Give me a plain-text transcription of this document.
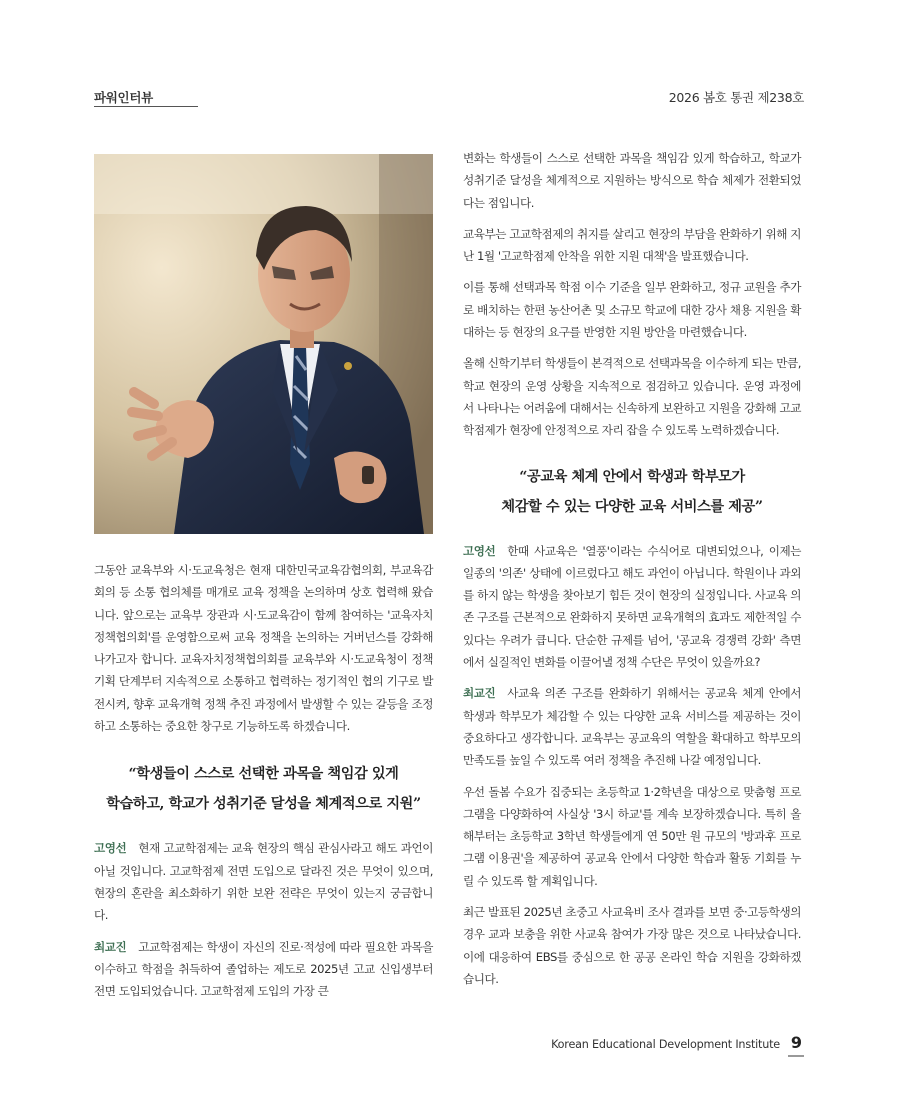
파워인터뷰	2026 봄호 통권 제238호

그동안 교육부와 시·도교육청은 현재 대한민국교육감협의회, 부교육감회의 등 소통 협의체를 매개로 교육 정책을 논의하며 상호 협력해 왔습니다. 앞으로는 교육부 장관과 시·도교육감이 함께 참여하는 '교육자치정책협의회'를 운영함으로써 교육 정책을 논의하는 거버넌스를 강화해 나가고자 합니다. 교육자치정책협의회를 교육부와 시·도교육청이 정책 기획 단계부터 지속적으로 소통하고 협력하는 정기적인 협의 기구로 발전시켜, 향후 교육개혁 정책 추진 과정에서 발생할 수 있는 갈등을 조정하고 소통하는 중요한 창구로 기능하도록 하겠습니다.

“학생들이 스스로 선택한 과목을 책임감 있게
학습하고, 학교가 성취기준 달성을 체계적으로 지원”

고영선 현재 고교학점제는 교육 현장의 핵심 관심사라고 해도 과언이 아닐 것입니다. 고교학점제 전면 도입으로 달라진 것은 무엇이 있으며, 현장의 혼란을 최소화하기 위한 보완 전략은 무엇이 있는지 궁금합니다.

최교진 고교학점제는 학생이 자신의 진로·적성에 따라 필요한 과목을 이수하고 학점을 취득하여 졸업하는 제도로 2025년 고교 신입생부터 전면 도입되었습니다. 고교학점제 도입의 가장 큰

변화는 학생들이 스스로 선택한 과목을 책임감 있게 학습하고, 학교가 성취기준 달성을 체계적으로 지원하는 방식으로 학습 체제가 전환되었다는 점입니다.

교육부는 고교학점제의 취지를 살리고 현장의 부담을 완화하기 위해 지난 1월 '고교학점제 안착을 위한 지원 대책'을 발표했습니다.

이를 통해 선택과목 학점 이수 기준을 일부 완화하고, 정규 교원을 추가로 배치하는 한편 농산어촌 및 소규모 학교에 대한 강사 채용 지원을 확대하는 등 현장의 요구를 반영한 지원 방안을 마련했습니다.

올해 신학기부터 학생들이 본격적으로 선택과목을 이수하게 되는 만큼, 학교 현장의 운영 상황을 지속적으로 점검하고 있습니다. 운영 과정에서 나타나는 어려움에 대해서는 신속하게 보완하고 지원을 강화해 고교학점제가 현장에 안정적으로 자리 잡을 수 있도록 노력하겠습니다.

“공교육 체계 안에서 학생과 학부모가
체감할 수 있는 다양한 교육 서비스를 제공”

고영선 한때 사교육은 '열풍'이라는 수식어로 대변되었으나, 이제는 일종의 '의존' 상태에 이르렀다고 해도 과언이 아닙니다. 학원이나 과외를 하지 않는 학생을 찾아보기 힘든 것이 현장의 실정입니다. 사교육 의존 구조를 근본적으로 완화하지 못하면 교육개혁의 효과도 제한적일 수 있다는 우려가 큽니다. 단순한 규제를 넘어, '공교육 경쟁력 강화' 측면에서 실질적인 변화를 이끌어낼 정책 수단은 무엇이 있을까요?

최교진 사교육 의존 구조를 완화하기 위해서는 공교육 체계 안에서 학생과 학부모가 체감할 수 있는 다양한 교육 서비스를 제공하는 것이 중요하다고 생각합니다. 교육부는 공교육의 역할을 확대하고 학부모의 만족도를 높일 수 있도록 여러 정책을 추진해 나갈 예정입니다.

우선 돌봄 수요가 집중되는 초등학교 1·2학년을 대상으로 맞춤형 프로그램을 다양화하여 사실상 '3시 하교'를 계속 보장하겠습니다. 특히 올해부터는 초등학교 3학년 학생들에게 연 50만 원 규모의 '방과후 프로그램 이용권'을 제공하여 공교육 안에서 다양한 학습과 활동 기회를 누릴 수 있도록 할 계획입니다.

최근 발표된 2025년 초중고 사교육비 조사 결과를 보면 중·고등학생의 경우 교과 보충을 위한 사교육 참여가 가장 많은 것으로 나타났습니다. 이에 대응하여 EBS를 중심으로 한 공공 온라인 학습 지원을 강화하겠습니다.

Korean Educational Development Institute 9
